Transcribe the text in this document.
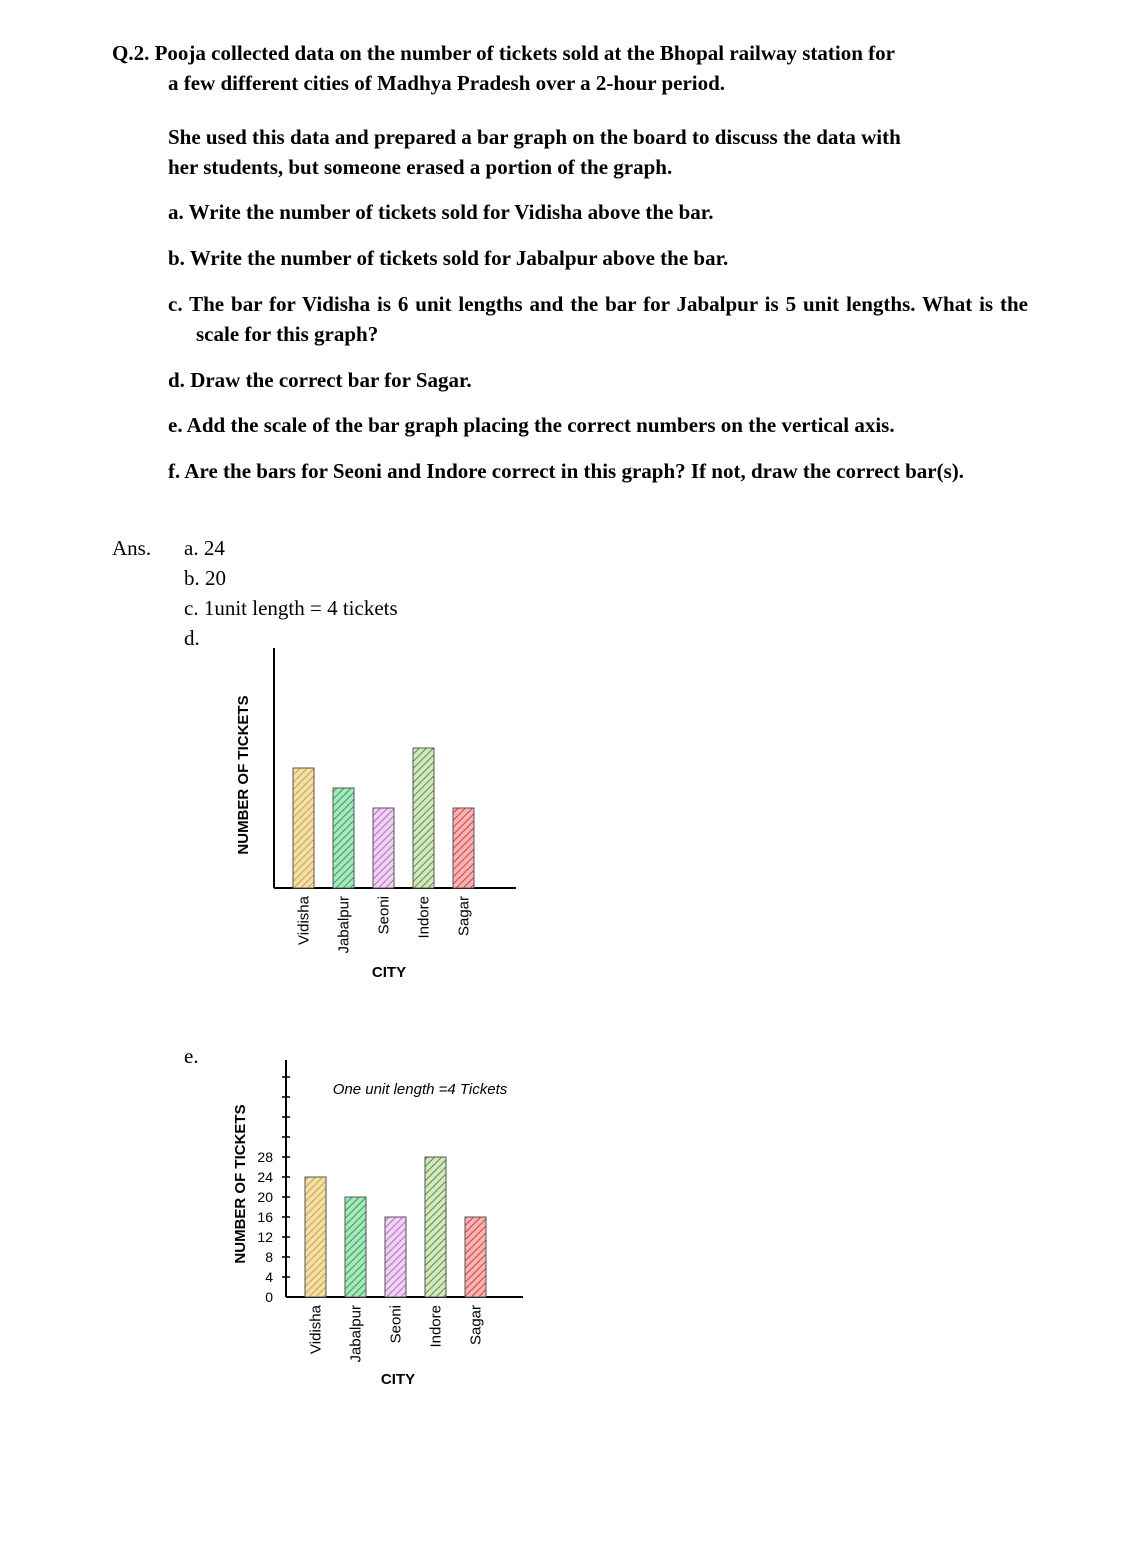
Q.2. Pooja collected data on the number of tickets sold at the Bhopal railway station for
a few different cities of Madhya Pradesh over a 2-hour period.
She used this data and prepared a bar graph on the board to discuss the data with
her students, but someone erased a portion of the graph.
a. Write the number of tickets sold for Vidisha above the bar.
b. Write the number of tickets sold for Jabalpur above the bar.
c. The bar for Vidisha is 6 unit lengths and the bar for Jabalpur is 5 unit lengths. What is the scale for this graph?
d. Draw the correct bar for Sagar.
e. Add the scale of the bar graph placing the correct numbers on the vertical axis.
f. Are the bars for Seoni and Indore correct in this graph? If not, draw the correct bar(s).
Ans. a. 24
b. 20
c. 1unit length = 4 tickets
d.
e.
Vidisha Jabalpur Seoni Indore Sagar
CITY
NUMBER OF TICKETS
0
4
8
12
16
20
24
28
Vidisha Jabalpur Seoni Indore Sagar
CITY
NUMBER OF TICKETS
One unit length =4 Tickets
